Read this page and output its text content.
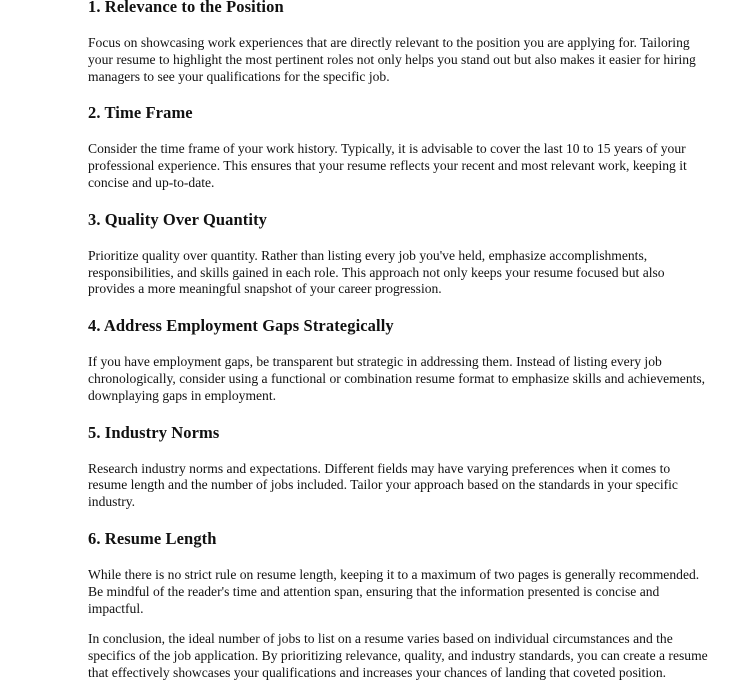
1. Relevance to the Position

Focus on showcasing work experiences that are directly relevant to the position you are applying for. Tailoring your resume to highlight the most pertinent roles not only helps you stand out but also makes it easier for hiring managers to see your qualifications for the specific job.

2. Time Frame

Consider the time frame of your work history. Typically, it is advisable to cover the last 10 to 15 years of your professional experience. This ensures that your resume reflects your recent and most relevant work, keeping it concise and up-to-date.

3. Quality Over Quantity

Prioritize quality over quantity. Rather than listing every job you've held, emphasize accomplishments, responsibilities, and skills gained in each role. This approach not only keeps your resume focused but also provides a more meaningful snapshot of your career progression.

4. Address Employment Gaps Strategically

If you have employment gaps, be transparent but strategic in addressing them. Instead of listing every job chronologically, consider using a functional or combination resume format to emphasize skills and achievements, downplaying gaps in employment.

5. Industry Norms

Research industry norms and expectations. Different fields may have varying preferences when it comes to resume length and the number of jobs included. Tailor your approach based on the standards in your specific industry.

6. Resume Length

While there is no strict rule on resume length, keeping it to a maximum of two pages is generally recommended. Be mindful of the reader's time and attention span, ensuring that the information presented is concise and impactful.

In conclusion, the ideal number of jobs to list on a resume varies based on individual circumstances and the specifics of the job application. By prioritizing relevance, quality, and industry standards, you can create a resume that effectively showcases your qualifications and increases your chances of landing that coveted position.
